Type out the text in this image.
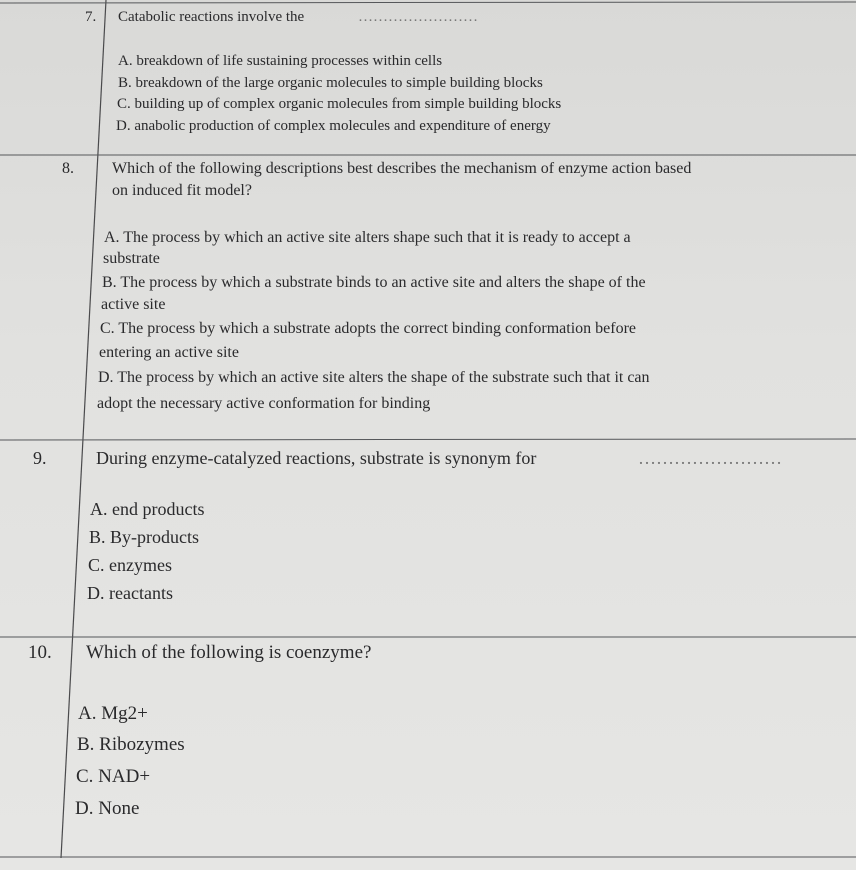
7. Catabolic reactions involve the	……………………
A. breakdown of life sustaining processes within cells
B. breakdown of the large organic molecules to simple building blocks
C. building up of complex organic molecules from simple building blocks
D. anabolic production of complex molecules and expenditure of energy
8. Which of the following descriptions best describes the mechanism of enzyme action based
on induced fit model?
A. The process by which an active site alters shape such that it is ready to accept a
substrate
B. The process by which a substrate binds to an active site and alters the shape of the
active site
C. The process by which a substrate adopts the correct binding conformation before
entering an active site
D. The process by which an active site alters the shape of the substrate such that it can
adopt the necessary active conformation for binding
9.	During enzyme-catalyzed reactions, substrate is synonym for	……………………
A. end products
B. By-products
C. enzymes
D. reactants
10. Which of the following is coenzyme?
A. Mg2+
B. Ribozymes
C. NAD+
D. None
